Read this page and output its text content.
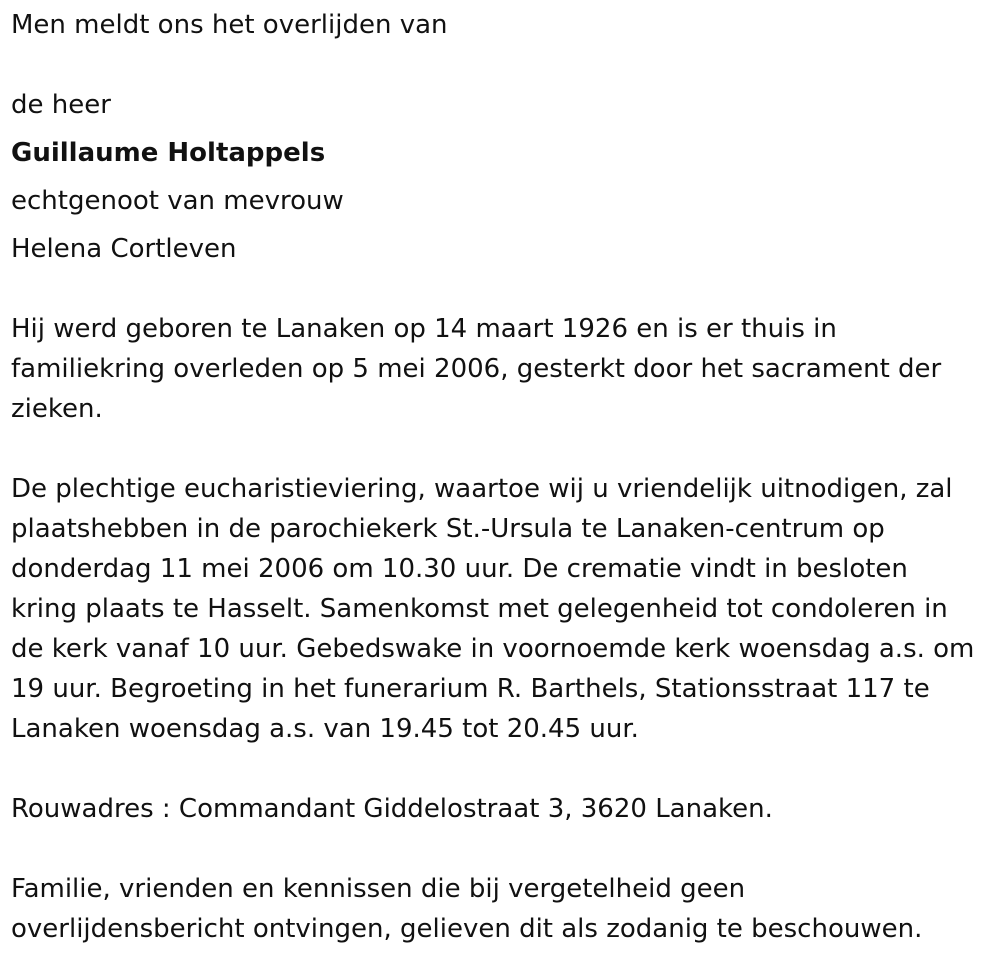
Men meldt ons het overlijden van
de heer
Guillaume Holtappels
echtgenoot van mevrouw
Helena Cortleven
Hij werd geboren te Lanaken op 14 maart 1926 en is er thuis in
familiekring overleden op 5 mei 2006, gesterkt door het sacrament der
zieken.
De plechtige eucharistieviering, waartoe wij u vriendelijk uitnodigen, zal
plaatshebben in de parochiekerk St.-Ursula te Lanaken-centrum op
donderdag 11 mei 2006 om 10.30 uur. De crematie vindt in besloten
kring plaats te Hasselt. Samenkomst met gelegenheid tot condoleren in
de kerk vanaf 10 uur. Gebedswake in voornoemde kerk woensdag a.s. om
19 uur. Begroeting in het funerarium R. Barthels, Stationsstraat 117 te
Lanaken woensdag a.s. van 19.45 tot 20.45 uur.
Rouwadres : Commandant Giddelostraat 3, 3620 Lanaken.
Familie, vrienden en kennissen die bij vergetelheid geen
overlijdensbericht ontvingen, gelieven dit als zodanig te beschouwen.
